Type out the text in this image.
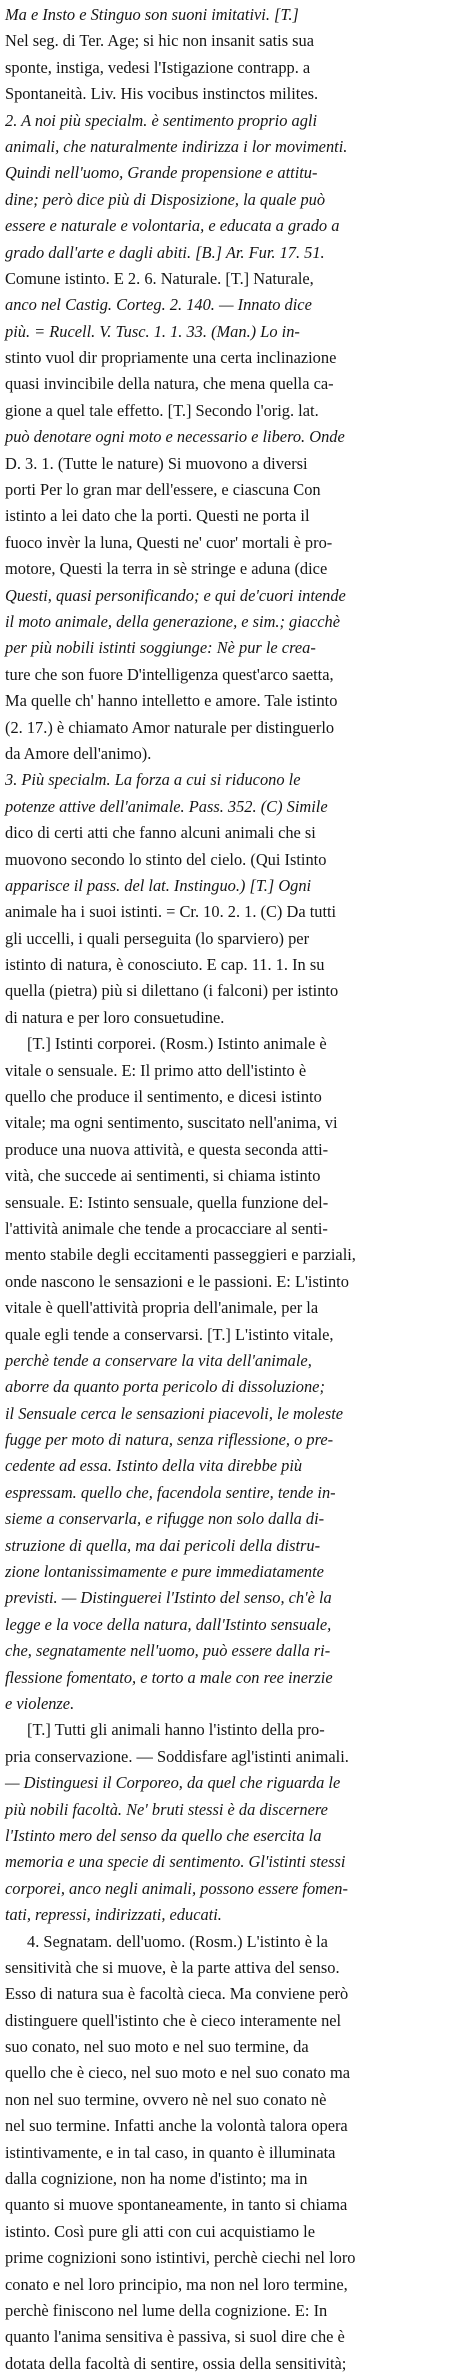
Ma e Insto e Stinguo son suoni imitativi. [T.]
Nel seg. di Ter. Age; si hic non insanit satis sua
sponte, instiga, vedesi l'Istigazione contrapp. a
Spontaneità. Liv. His vocibus instinctos milites.
2. A noi più specialm. è sentimento proprio agli
animali, che naturalmente indirizza i lor movimenti.
Quindi nell'uomo, Grande propensione e attitu-
dine; però dice più di Disposizione, la quale può
essere e naturale e volontaria, e educata a grado a
grado dall'arte e dagli abiti. [B.] Ar. Fur. 17. 51.
Comune istinto. E 2. 6. Naturale. [T.] Naturale,
anco nel Castig. Corteg. 2. 140. — Innato dice
più. = Rucell. V. Tusc. 1. 1. 33. (Man.) Lo in-
stinto vuol dir propriamente una certa inclinazione
quasi invincibile della natura, che mena quella ca-
gione a quel tale effetto. [T.] Secondo l'orig. lat.
può denotare ogni moto e necessario e libero. Onde
D. 3. 1. (Tutte le nature) Si muovono a diversi
porti Per lo gran mar dell'essere, e ciascuna Con
istinto a lei dato che la porti. Questi ne porta il
fuoco invèr la luna, Questi ne' cuor' mortali è pro-
motore, Questi la terra in sè stringe e aduna (dice
Questi, quasi personificando; e qui de'cuori intende
il moto animale, della generazione, e sim.; giacchè
per più nobili istinti soggiunge: Nè pur le crea-
ture che son fuore D'intelligenza quest'arco saetta,
Ma quelle ch' hanno intelletto e amore. Tale istinto
(2. 17.) è chiamato Amor naturale per distinguerlo
da Amore dell'animo).
3. Più specialm. La forza a cui si riducono le
potenze attive dell'animale. Pass. 352. (C) Simile
dico di certi atti che fanno alcuni animali che si
muovono secondo lo stinto del cielo. (Qui Istinto
apparisce il pass. del lat. Instinguo.) [T.] Ogni
animale ha i suoi istinti. = Cr. 10. 2. 1. (C) Da tutti
gli uccelli, i quali perseguita (lo sparviero) per
istinto di natura, è conosciuto. E cap. 11. 1. In su
quella (pietra) più si dilettano (i falconi) per istinto
di natura e per loro consuetudine.
[T.] Istinti corporei. (Rosm.) Istinto animale è
vitale o sensuale. E: Il primo atto dell'istinto è
quello che produce il sentimento, e dicesi istinto
vitale; ma ogni sentimento, suscitato nell'anima, vi
produce una nuova attività, e questa seconda atti-
vità, che succede ai sentimenti, si chiama istinto
sensuale. E: Istinto sensuale, quella funzione del-
l'attività animale che tende a procacciare al senti-
mento stabile degli eccitamenti passeggieri e parziali,
onde nascono le sensazioni e le passioni. E: L'istinto
vitale è quell'attività propria dell'animale, per la
quale egli tende a conservarsi. [T.] L'istinto vitale,
perchè tende a conservare la vita dell'animale,
aborre da quanto porta pericolo di dissoluzione;
il Sensuale cerca le sensazioni piacevoli, le moleste
fugge per moto di natura, senza riflessione, o pre-
cedente ad essa. Istinto della vita direbbe più
espressam. quello che, facendola sentire, tende in-
sieme a conservarla, e rifugge non solo dalla di-
struzione di quella, ma dai pericoli della distru-
zione lontanissimamente e pure immediatamente
previsti. — Distinguerei l'Istinto del senso, ch'è la
legge e la voce della natura, dall'Istinto sensuale,
che, segnatamente nell'uomo, può essere dalla ri-
flessione fomentato, e torto a male con ree inerzie
e violenze.
[T.] Tutti gli animali hanno l'istinto della pro-
pria conservazione. — Soddisfare agl'istinti animali.
— Distinguesi il Corporeo, da quel che riguarda le
più nobili facoltà. Ne' bruti stessi è da discernere
l'Istinto mero del senso da quello che esercita la
memoria e una specie di sentimento. Gl'istinti stessi
corporei, anco negli animali, possono essere fomen-
tati, repressi, indirizzati, educati.
4. Segnatam. dell'uomo. (Rosm.) L'istinto è la
sensitività che si muove, è la parte attiva del senso.
Esso di natura sua è facoltà cieca. Ma conviene però
distinguere quell'istinto che è cieco interamente nel
suo conato, nel suo moto e nel suo termine, da
quello che è cieco, nel suo moto e nel suo conato ma
non nel suo termine, ovvero nè nel suo conato nè
nel suo termine. Infatti anche la volontà talora opera
istintivamente, e in tal caso, in quanto è illuminata
dalla cognizione, non ha nome d'istinto; ma in
quanto si muove spontaneamente, in tanto si chiama
istinto. Così pure gli atti con cui acquistiamo le
prime cognizioni sono istintivi, perchè ciechi nel loro
conato e nel loro principio, ma non nel loro termine,
perchè finiscono nel lume della cognizione. E: In
quanto l'anima sensitiva è passiva, si suol dire che è
dotata della facoltà di sentire, ossia della sensitività;
